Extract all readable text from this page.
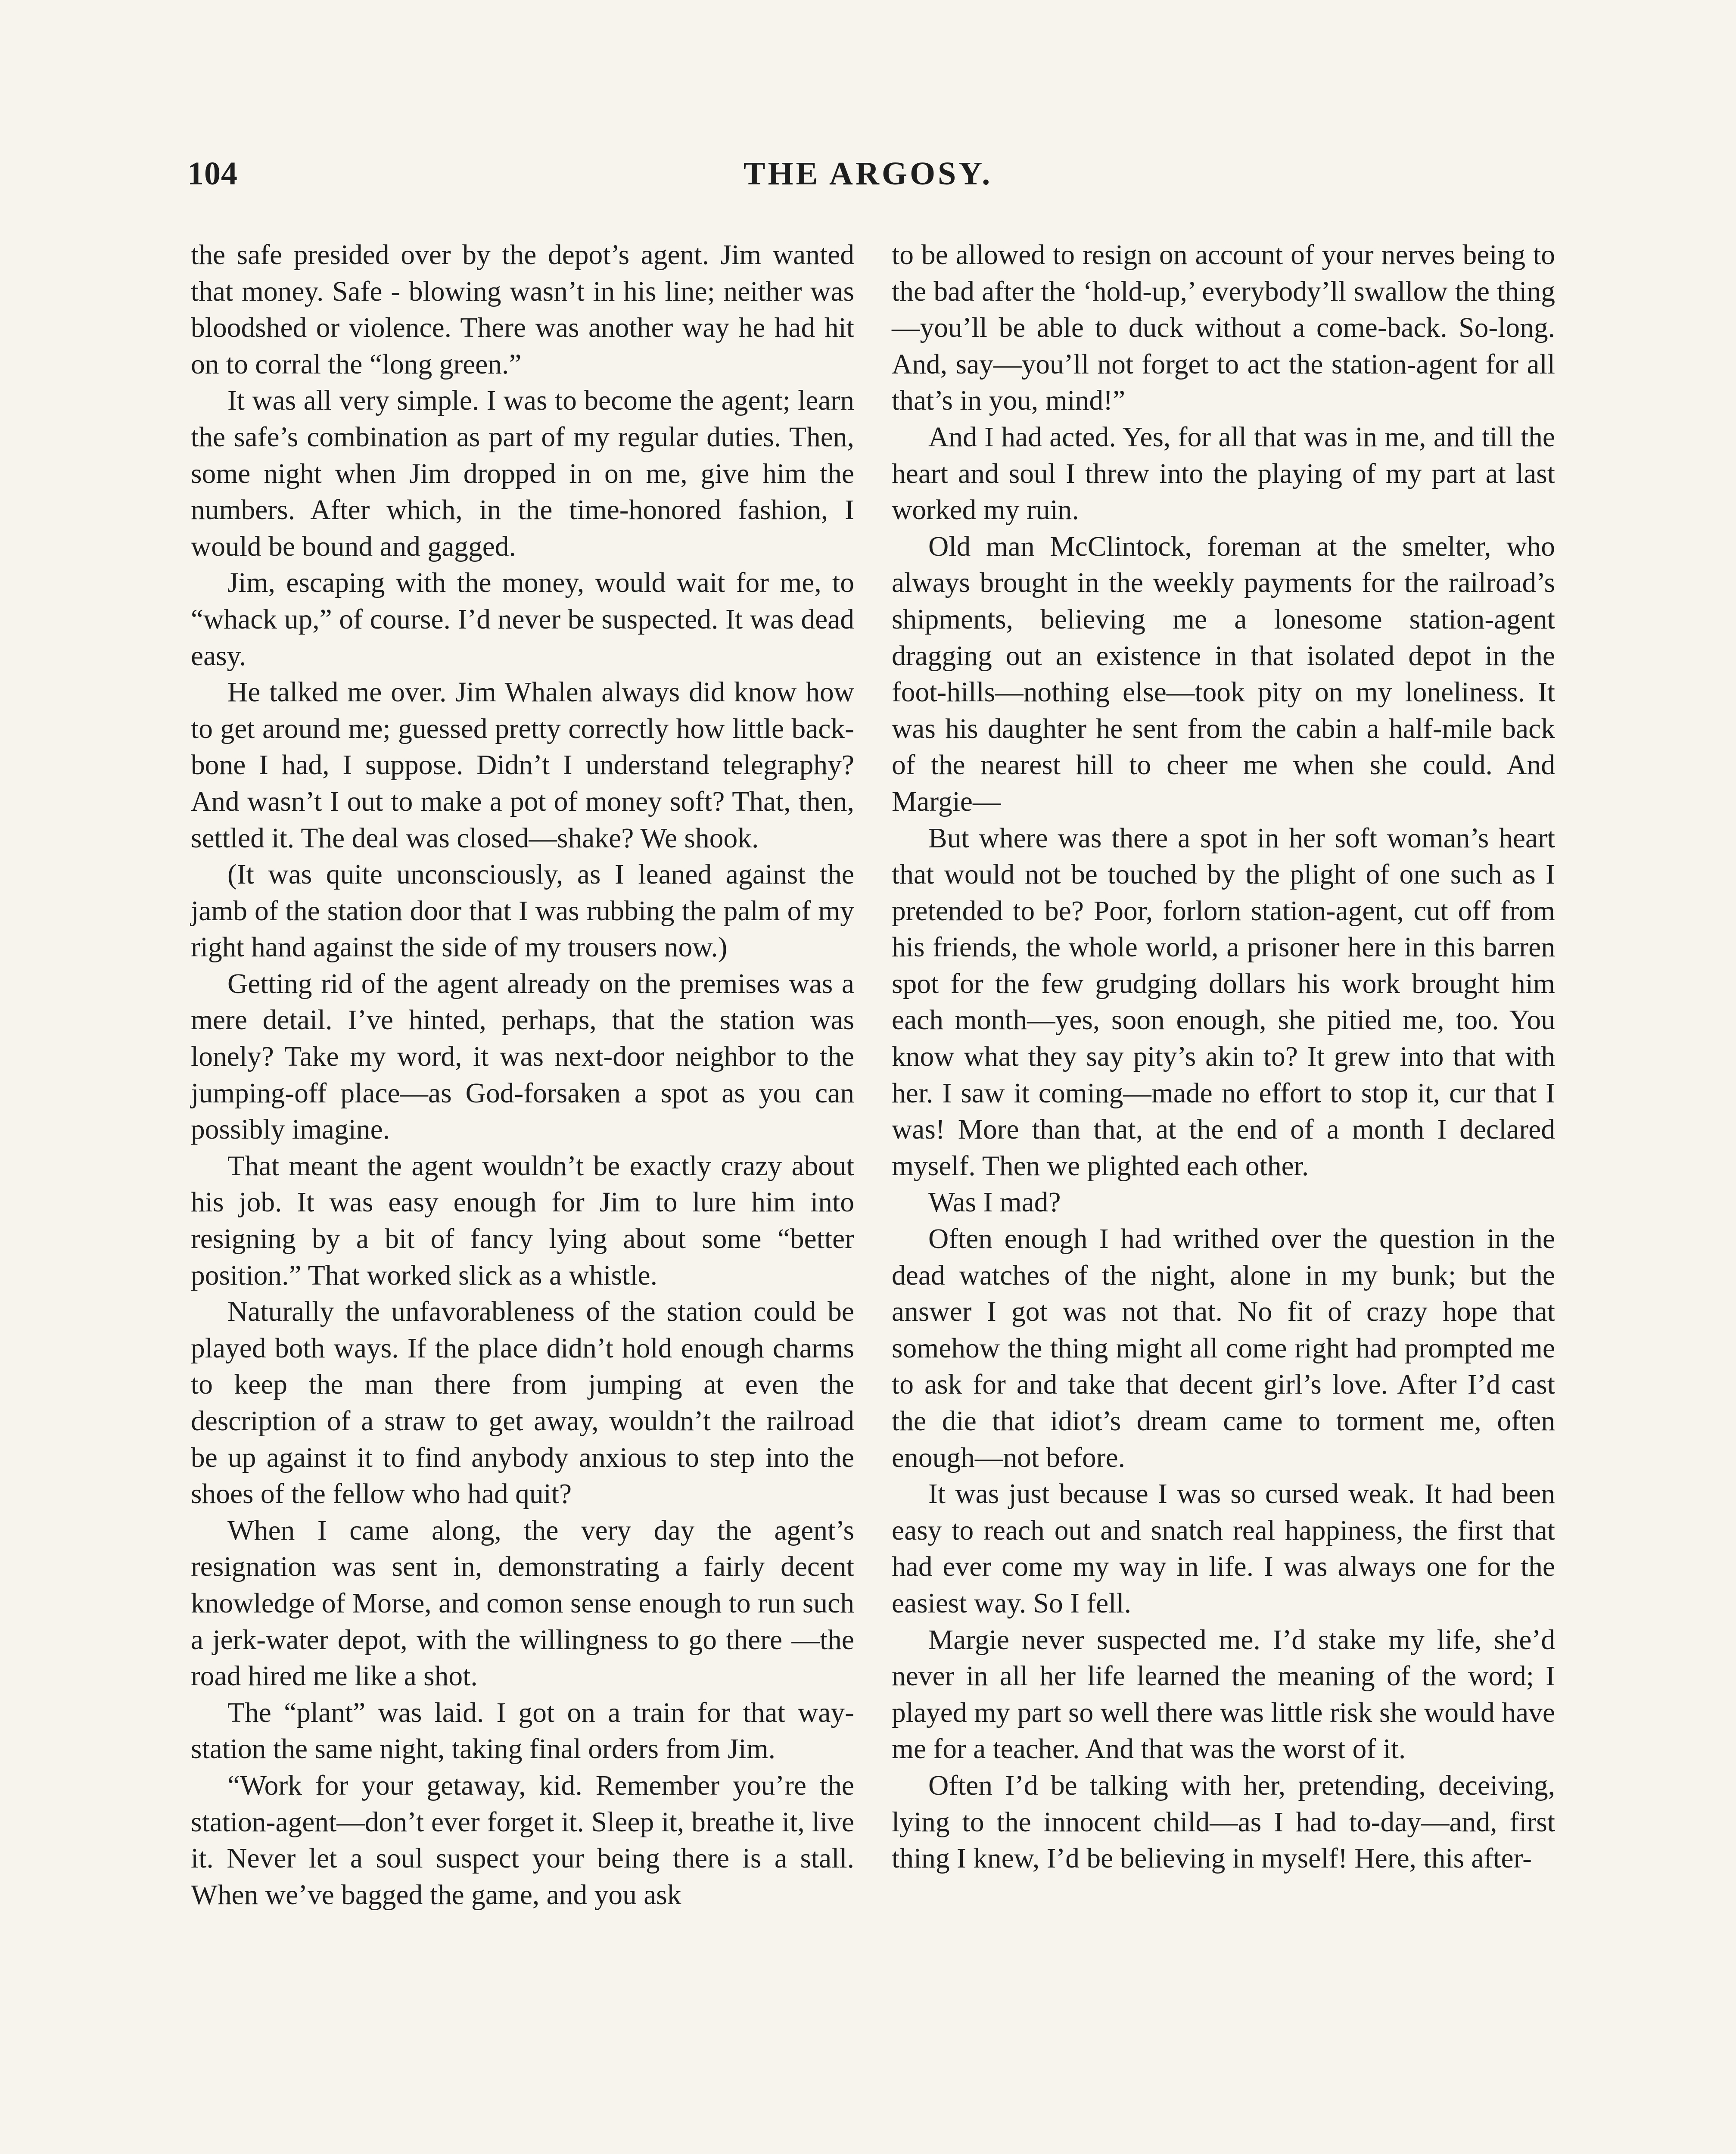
104	THE ARGOSY.

the safe presided over by the depot’s agent. Jim wanted that money. Safe - blowing wasn’t in his line; neither was bloodshed or violence. There was another way he had hit on to corral the “long green.”

It was all very simple. I was to become the agent; learn the safe’s combination as part of my regular duties. Then, some night when Jim dropped in on me, give him the numbers. After which, in the time-honored fashion, I would be bound and gagged.

Jim, escaping with the money, would wait for me, to “whack up,” of course. I’d never be suspected. It was dead easy.

He talked me over. Jim Whalen always did know how to get around me; guessed pretty correctly how little back-bone I had, I suppose. Didn’t I understand telegraphy? And wasn’t I out to make a pot of money soft? That, then, settled it. The deal was closed—shake? We shook.

(It was quite unconsciously, as I leaned against the jamb of the station door that I was rubbing the palm of my right hand against the side of my trousers now.)

Getting rid of the agent already on the premises was a mere detail. I’ve hinted, perhaps, that the station was lonely? Take my word, it was next-door neighbor to the jumping-off place—as God-forsaken a spot as you can possibly imagine.

That meant the agent wouldn’t be exactly crazy about his job. It was easy enough for Jim to lure him into resigning by a bit of fancy lying about some “better position.” That worked slick as a whistle.

Naturally the unfavorableness of the station could be played both ways. If the place didn’t hold enough charms to keep the man there from jumping at even the description of a straw to get away, wouldn’t the railroad be up against it to find anybody anxious to step into the shoes of the fellow who had quit?

When I came along, the very day the agent’s resignation was sent in, demonstrating a fairly decent knowledge of Morse, and comon sense enough to run such a jerk-water depot, with the willingness to go there —the road hired me like a shot.

The “plant” was laid. I got on a train for that way-station the same night, taking final orders from Jim.

“Work for your getaway, kid. Remember you’re the station-agent—don’t ever forget it. Sleep it, breathe it, live it. Never let a soul suspect your being there is a stall. When we’ve bagged the game, and you ask

to be allowed to resign on account of your nerves being to the bad after the ‘hold-up,’ everybody’ll swallow the thing—you’ll be able to duck without a come-back. So-long. And, say—you’ll not forget to act the station-agent for all that’s in you, mind!”

And I had acted. Yes, for all that was in me, and till the heart and soul I threw into the playing of my part at last worked my ruin.

Old man McClintock, foreman at the smelter, who always brought in the weekly payments for the railroad’s shipments, believing me a lonesome station-agent dragging out an existence in that isolated depot in the foot-hills—nothing else—took pity on my loneliness. It was his daughter he sent from the cabin a half-mile back of the nearest hill to cheer me when she could. And Margie—

But where was there a spot in her soft woman’s heart that would not be touched by the plight of one such as I pretended to be? Poor, forlorn station-agent, cut off from his friends, the whole world, a prisoner here in this barren spot for the few grudging dollars his work brought him each month—yes, soon enough, she pitied me, too. You know what they say pity’s akin to? It grew into that with her. I saw it coming—made no effort to stop it, cur that I was! More than that, at the end of a month I declared myself. Then we plighted each other.

Was I mad?

Often enough I had writhed over the question in the dead watches of the night, alone in my bunk; but the answer I got was not that. No fit of crazy hope that somehow the thing might all come right had prompted me to ask for and take that decent girl’s love. After I’d cast the die that idiot’s dream came to torment me, often enough—not before.

It was just because I was so cursed weak. It had been easy to reach out and snatch real happiness, the first that had ever come my way in life. I was always one for the easiest way. So I fell.

Margie never suspected me. I’d stake my life, she’d never in all her life learned the meaning of the word; I played my part so well there was little risk she would have me for a teacher. And that was the worst of it.

Often I’d be talking with her, pretending, deceiving, lying to the innocent child—as I had to-day—and, first thing I knew, I’d be believing in myself! Here, this after-
